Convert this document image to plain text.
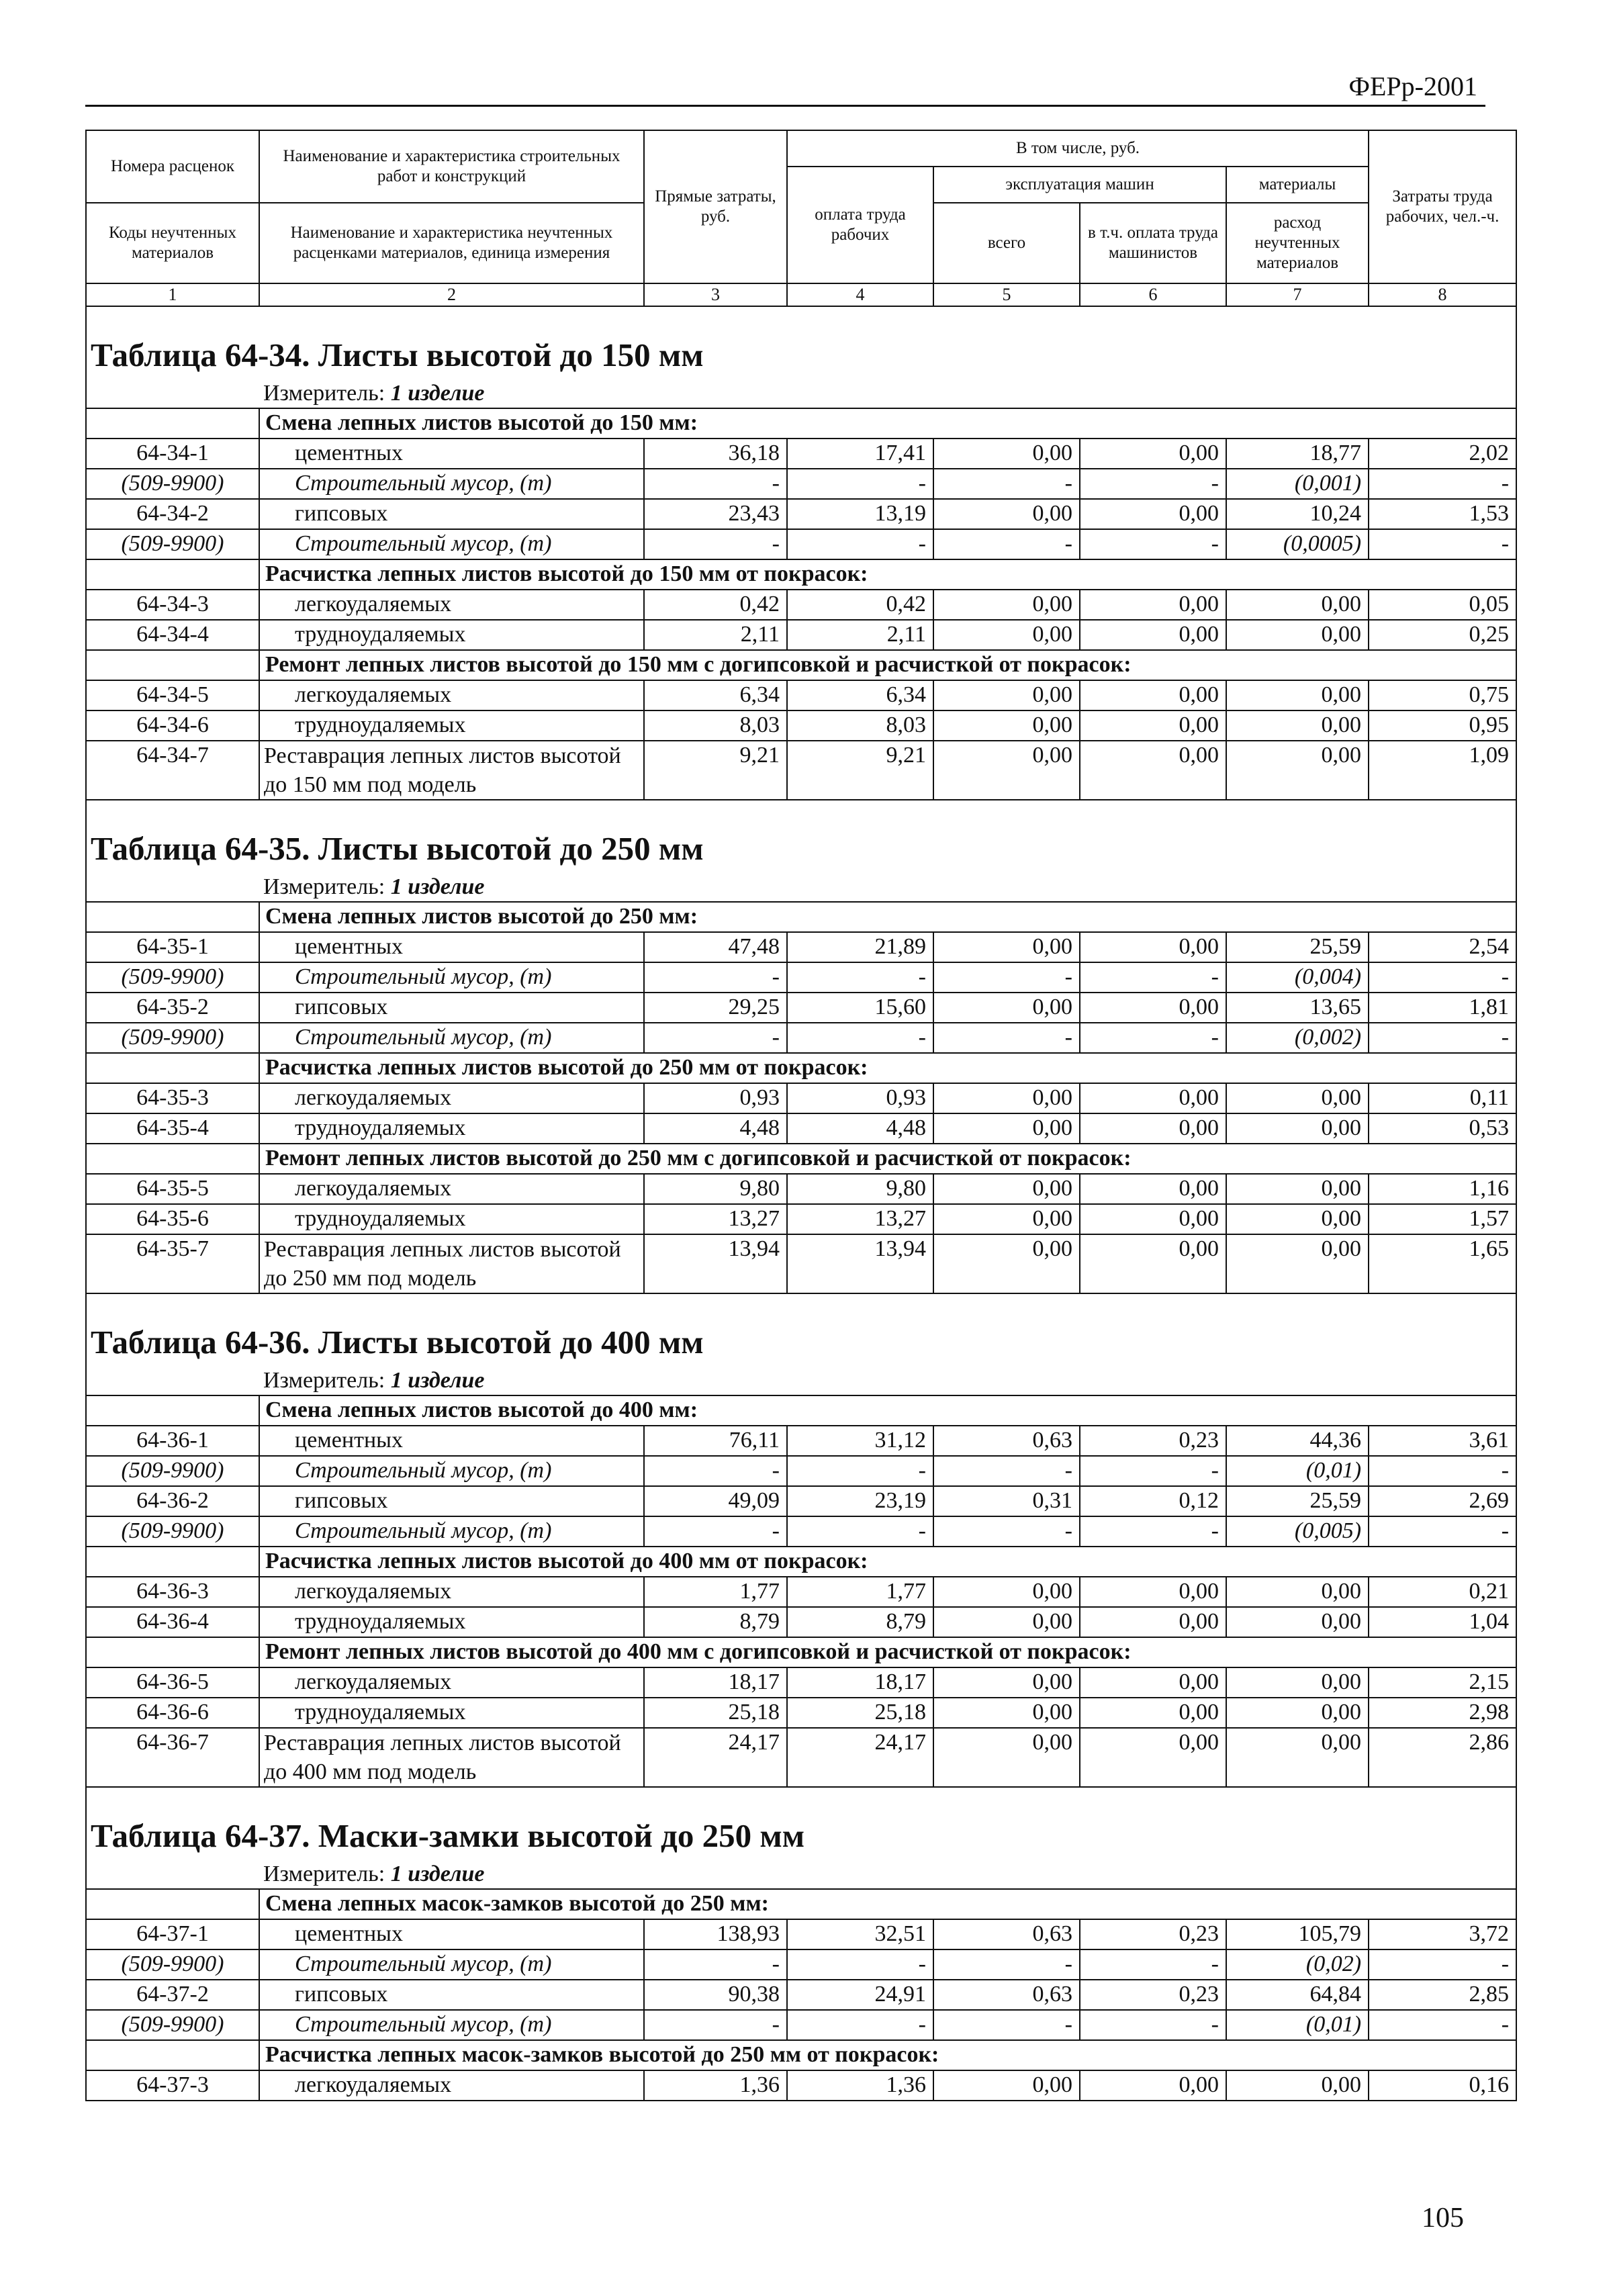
ФЕРр-2001
Номера расценок	Наименование и характеристика строительных работ и конструкций	Прямые затраты, руб.	В том числе, руб.				Затраты труда рабочих, чел.-ч.
			оплата труда рабочих	эксплуатация машин		материалы	
Коды неучтенных материалов	Наименование и характеристика неучтенных расценками материалов, единица измерения			всего	в т.ч. оплата труда машинистов	расход неучтенных материалов	
1	2	3	4	5	6	7	8
Таблица 64-34. Листы высотой до 150 мм							
	Измеритель: 1 изделие						
	Смена лепных листов высотой до 150 мм:						
64-34-1	цементных	36,18	17,41	0,00	0,00	18,77	2,02
(509-9900)	Строительный мусор, (т)	-	-	-	-	(0,001)	-
64-34-2	гипсовых	23,43	13,19	0,00	0,00	10,24	1,53
(509-9900)	Строительный мусор, (т)	-	-	-	-	(0,0005)	-
	Расчистка лепных листов высотой до 150 мм от покрасок:						
64-34-3	легкоудаляемых	0,42	0,42	0,00	0,00	0,00	0,05
64-34-4	трудноудаляемых	2,11	2,11	0,00	0,00	0,00	0,25
	Ремонт лепных листов высотой до 150 мм с догипсовкой и расчисткой от покрасок:						
64-34-5	легкоудаляемых	6,34	6,34	0,00	0,00	0,00	0,75
64-34-6	трудноудаляемых	8,03	8,03	0,00	0,00	0,00	0,95
64-34-7	Реставрация лепных листов высотой до 150 мм под модель	9,21	9,21	0,00	0,00	0,00	1,09
Таблица 64-35. Листы высотой до 250 мм							
	Измеритель: 1 изделие						
	Смена лепных листов высотой до 250 мм:						
64-35-1	цементных	47,48	21,89	0,00	0,00	25,59	2,54
(509-9900)	Строительный мусор, (т)	-	-	-	-	(0,004)	-
64-35-2	гипсовых	29,25	15,60	0,00	0,00	13,65	1,81
(509-9900)	Строительный мусор, (т)	-	-	-	-	(0,002)	-
	Расчистка лепных листов высотой до 250 мм от покрасок:						
64-35-3	легкоудаляемых	0,93	0,93	0,00	0,00	0,00	0,11
64-35-4	трудноудаляемых	4,48	4,48	0,00	0,00	0,00	0,53
	Ремонт лепных листов высотой до 250 мм с догипсовкой и расчисткой от покрасок:						
64-35-5	легкоудаляемых	9,80	9,80	0,00	0,00	0,00	1,16
64-35-6	трудноудаляемых	13,27	13,27	0,00	0,00	0,00	1,57
64-35-7	Реставрация лепных листов высотой до 250 мм под модель	13,94	13,94	0,00	0,00	0,00	1,65
Таблица 64-36. Листы высотой до 400 мм							
	Измеритель: 1 изделие						
	Смена лепных листов высотой до 400 мм:						
64-36-1	цементных	76,11	31,12	0,63	0,23	44,36	3,61
(509-9900)	Строительный мусор, (т)	-	-	-	-	(0,01)	-
64-36-2	гипсовых	49,09	23,19	0,31	0,12	25,59	2,69
(509-9900)	Строительный мусор, (т)	-	-	-	-	(0,005)	-
	Расчистка лепных листов высотой до 400 мм от покрасок:						
64-36-3	легкоудаляемых	1,77	1,77	0,00	0,00	0,00	0,21
64-36-4	трудноудаляемых	8,79	8,79	0,00	0,00	0,00	1,04
	Ремонт лепных листов высотой до 400 мм с догипсовкой и расчисткой от покрасок:						
64-36-5	легкоудаляемых	18,17	18,17	0,00	0,00	0,00	2,15
64-36-6	трудноудаляемых	25,18	25,18	0,00	0,00	0,00	2,98
64-36-7	Реставрация лепных листов высотой до 400 мм под модель	24,17	24,17	0,00	0,00	0,00	2,86
Таблица 64-37. Маски-замки высотой до 250 мм							
	Измеритель: 1 изделие						
	Смена лепных масок-замков высотой до 250 мм:						
64-37-1	цементных	138,93	32,51	0,63	0,23	105,79	3,72
(509-9900)	Строительный мусор, (т)	-	-	-	-	(0,02)	-
64-37-2	гипсовых	90,38	24,91	0,63	0,23	64,84	2,85
(509-9900)	Строительный мусор, (т)	-	-	-	-	(0,01)	-
	Расчистка лепных масок-замков высотой до 250 мм от покрасок:						
64-37-3	легкоудаляемых	1,36	1,36	0,00	0,00	0,00	0,16
105
